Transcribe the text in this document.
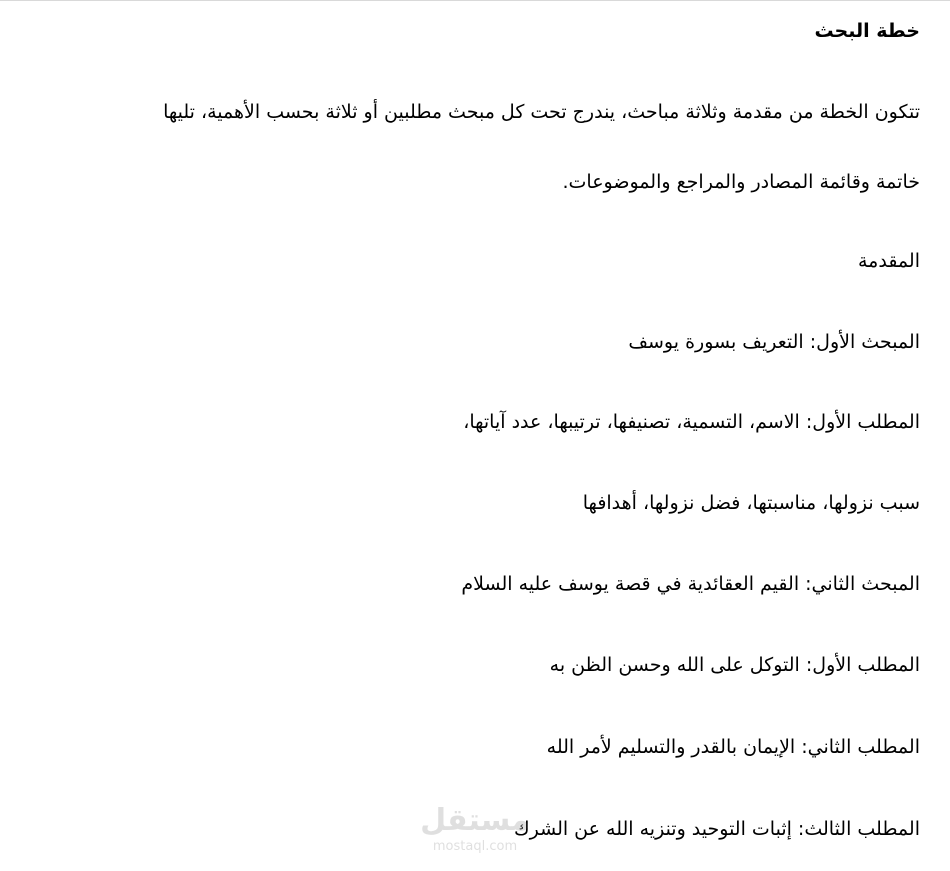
خطة البحث
تتكون الخطة من مقدمة وثلاثة مباحث، يندرج تحت كل مبحث مطلبين أو ثلاثة بحسب الأهمية، تليها
خاتمة وقائمة المصادر والمراجع والموضوعات.
المقدمة
المبحث الأول: التعريف بسورة يوسف
المطلب الأول: الاسم، التسمية، تصنيفها، ترتيبها، عدد آياتها،
سبب نزولها، مناسبتها، فضل نزولها، أهدافها
المبحث الثاني: القيم العقائدية في قصة يوسف عليه السلام
المطلب الأول: التوكل على الله وحسن الظن به
المطلب الثاني: الإيمان بالقدر والتسليم لأمر الله
المطلب الثالث: إثبات التوحيد وتنزيه الله عن الشرك
مستقل
mostaql.com
